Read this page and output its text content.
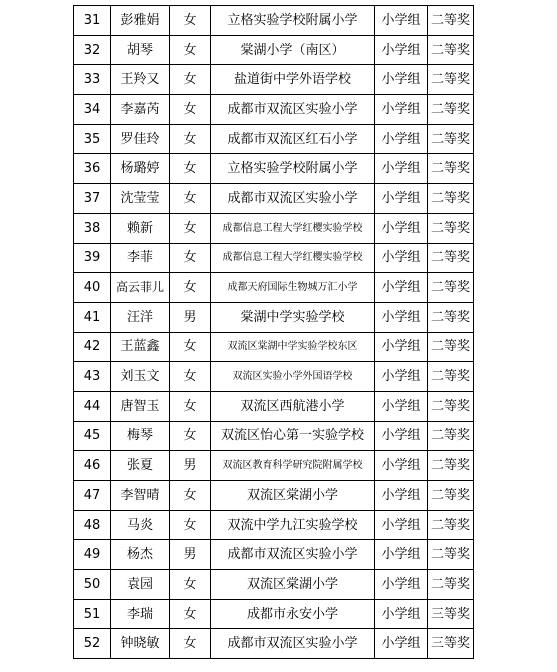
31	彭雅娟	女	立格实验学校附属小学	小学组	二等奖
32	胡琴	女	棠湖小学（南区）	小学组	二等奖
33	王羚又	女	盐道街中学外语学校	小学组	二等奖
34	李嘉芮	女	成都市双流区实验小学	小学组	二等奖
35	罗佳玲	女	成都市双流区红石小学	小学组	二等奖
36	杨璐婷	女	立格实验学校附属小学	小学组	二等奖
37	沈莹莹	女	成都市双流区实验小学	小学组	二等奖
38	赖新	女	成都信息工程大学红樱实验学校	小学组	二等奖
39	李菲	女	成都信息工程大学红樱实验学校	小学组	二等奖
40	高云菲儿	女	成都天府国际生物城万汇小学	小学组	二等奖
41	汪洋	男	棠湖中学实验学校	小学组	二等奖
42	王蓝鑫	女	双流区棠湖中学实验学校东区	小学组	二等奖
43	刘玉文	女	双流区实验小学外国语学校	小学组	二等奖
44	唐智玉	女	双流区西航港小学	小学组	二等奖
45	梅琴	女	双流区怡心第一实验学校	小学组	二等奖
46	张夏	男	双流区教育科学研究院附属学校	小学组	二等奖
47	李智晴	女	双流区棠湖小学	小学组	二等奖
48	马炎	女	双流中学九江实验学校	小学组	二等奖
49	杨杰	男	成都市双流区实验小学	小学组	二等奖
50	袁园	女	双流区棠湖小学	小学组	二等奖
51	李瑞	女	成都市永安小学	小学组	三等奖
52	钟晓敏	女	成都市双流区实验小学	小学组	三等奖
